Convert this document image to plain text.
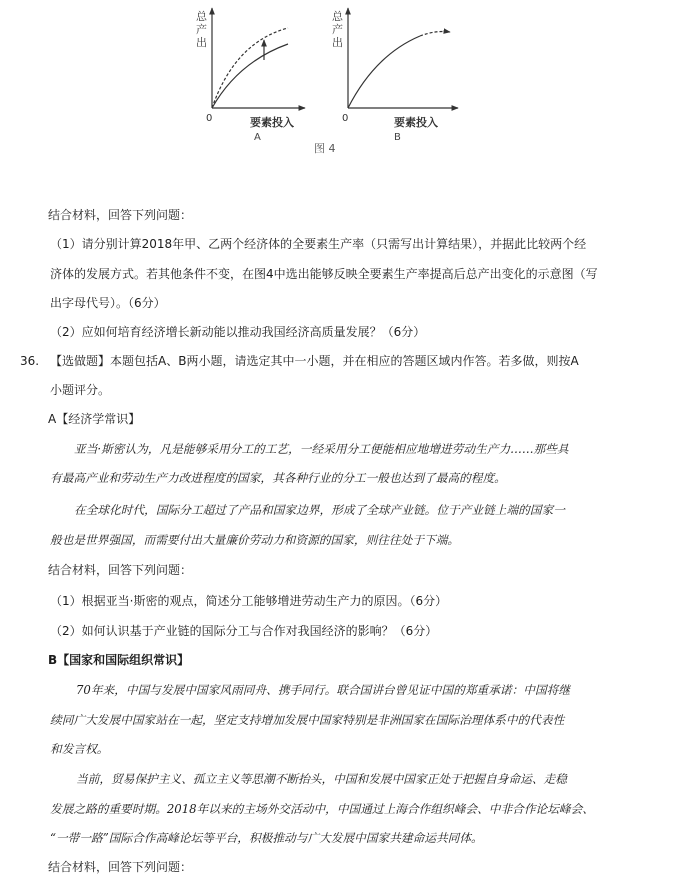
总
产
出
0	要素投入
A
总
产
出
0	要素投入
B
图 4
结合材料，回答下列问题：
（1）请分别计算2018年甲、乙两个经济体的全要素生产率（只需写出计算结果），并据此比较两个经
济体的发展方式。若其他条件不变，在图4中选出能够反映全要素生产率提高后总产出变化的示意图（写
出字母代号）。（6分）
（2）应如何培育经济增长新动能以推动我国经济高质量发展？（6分）
36. 【选做题】本题包括A、B两小题，请选定其中一小题，并在相应的答题区域内作答。若多做，则按A
小题评分。
A【经济学常识】
亚当·斯密认为，凡是能够采用分工的工艺，一经采用分工便能相应地增进劳动生产力……那些具
有最高产业和劳动生产力改进程度的国家，其各种行业的分工一般也达到了最高的程度。
在全球化时代，国际分工超过了产品和国家边界，形成了全球产业链。位于产业链上端的国家一
般也是世界强国，而需要付出大量廉价劳动力和资源的国家，则往往处于下端。
结合材料，回答下列问题：
（1）根据亚当·斯密的观点，简述分工能够增进劳动生产力的原因。（6分）
（2）如何认识基于产业链的国际分工与合作对我国经济的影响？（6分）
B【国家和国际组织常识】
70年来，中国与发展中国家风雨同舟、携手同行。联合国讲台曾见证中国的郑重承诺：中国将继
续同广大发展中国家站在一起，坚定支持增加发展中国家特别是非洲国家在国际治理体系中的代表性
和发言权。
当前，贸易保护主义、孤立主义等思潮不断抬头，中国和发展中国家正处于把握自身命运、走稳
发展之路的重要时期。2018年以来的主场外交活动中，中国通过上海合作组织峰会、中非合作论坛峰会、
“一带一路”国际合作高峰论坛等平台，积极推动与广大发展中国家共建命运共同体。
结合材料，回答下列问题：
